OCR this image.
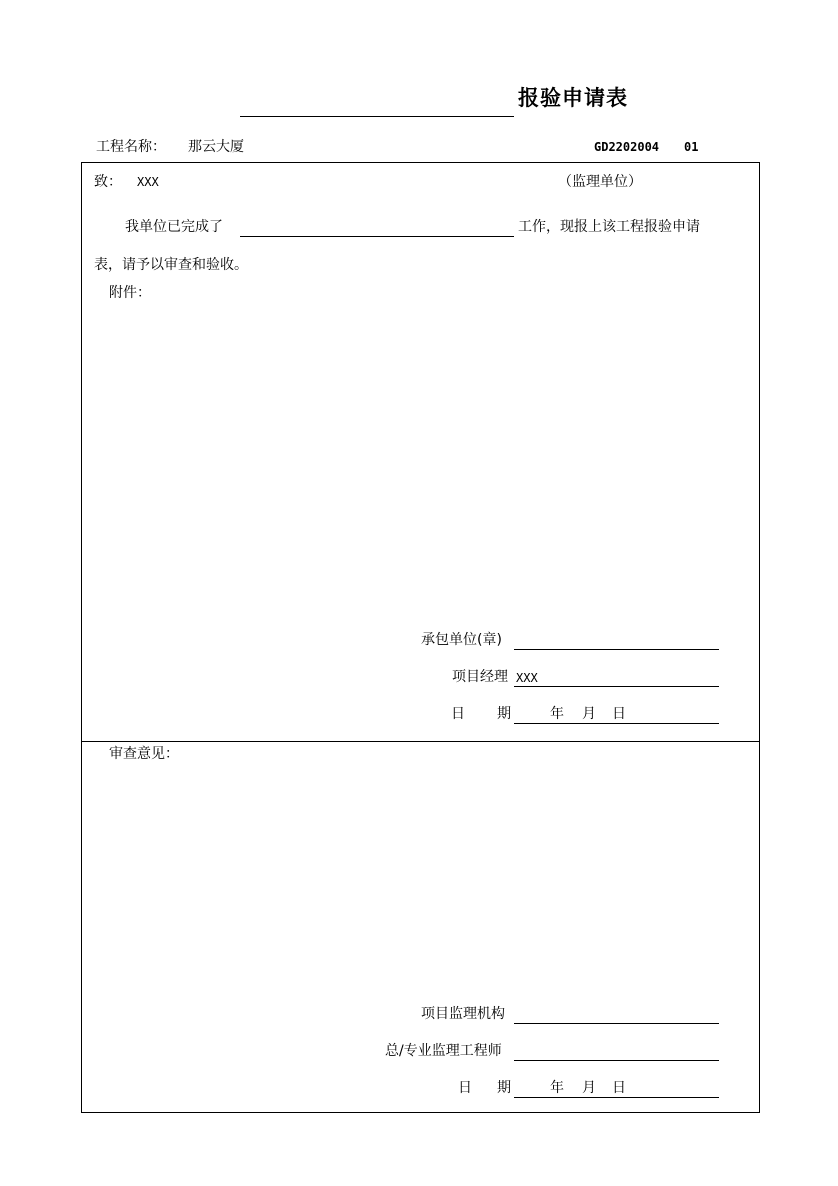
报验申请表
工程名称： 那云大厦	GD2202004 01
致： XXX	（监理单位）
我单位已完成了	工作，现报上该工程报验申请
表，请予以审查和验收。
附件：
承包单位(章)
项目经理 XXX
日 期	年 月 日
审查意见：
项目监理机构
总/专业监理工程师
日 期	年 月 日
